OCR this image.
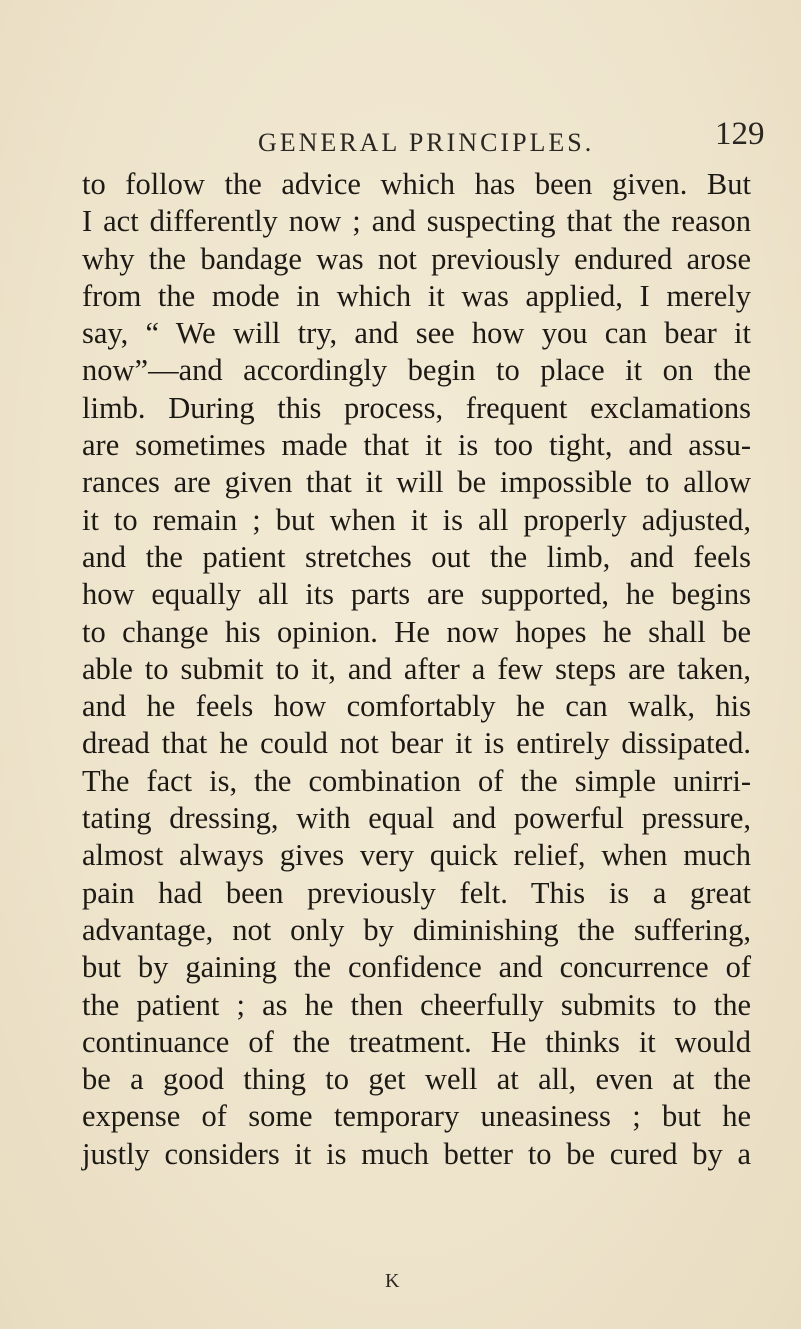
GENERAL PRINCIPLES.	129
to follow the advice which has been given. But
I act differently now ; and suspecting that the reason
why the bandage was not previously endured arose
from the mode in which it was applied, I merely
say, “ We will try, and see how you can bear it
now”—and accordingly begin to place it on the
limb. During this process, frequent exclamations
are sometimes made that it is too tight, and assu-
rances are given that it will be impossible to allow
it to remain ; but when it is all properly adjusted,
and the patient stretches out the limb, and feels
how equally all its parts are supported, he begins
to change his opinion. He now hopes he shall be
able to submit to it, and after a few steps are taken,
and he feels how comfortably he can walk, his
dread that he could not bear it is entirely dissipated.
The fact is, the combination of the simple unirri-
tating dressing, with equal and powerful pressure,
almost always gives very quick relief, when much
pain had been previously felt. This is a great
advantage, not only by diminishing the suffering,
but by gaining the confidence and concurrence of
the patient ; as he then cheerfully submits to the
continuance of the treatment. He thinks it would
be a good thing to get well at all, even at the
expense of some temporary uneasiness ; but he
justly considers it is much better to be cured by a
K
